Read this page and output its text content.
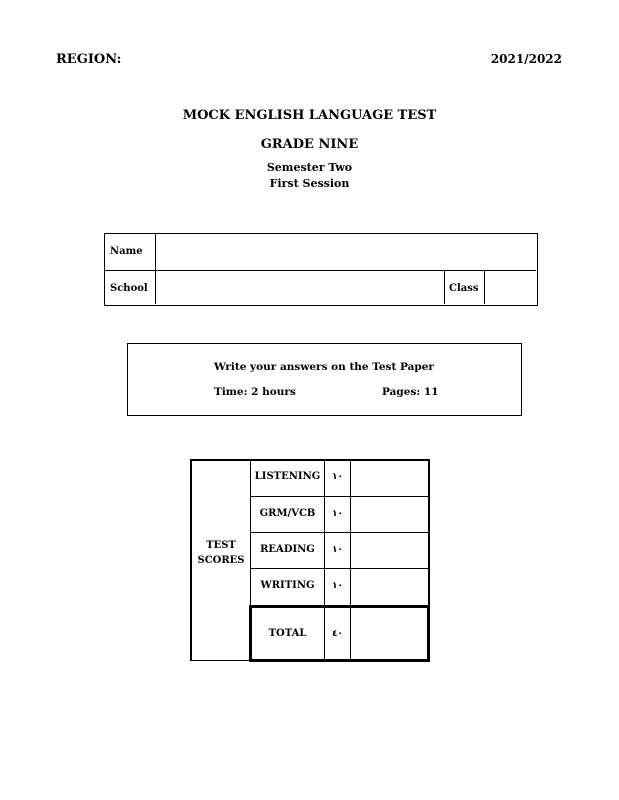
REGION:	2021/2022
MOCK ENGLISH LANGUAGE TEST
GRADE NINE
Semester Two
First Session
Name
School	Class
Write your answers on the Test Paper
Time: 2 hours	Pages: 11
TEST
SCORES
LISTENING	١٠
GRM/VCB	١٠
READING	١٠
WRITING	١٠
TOTAL	٤٠
